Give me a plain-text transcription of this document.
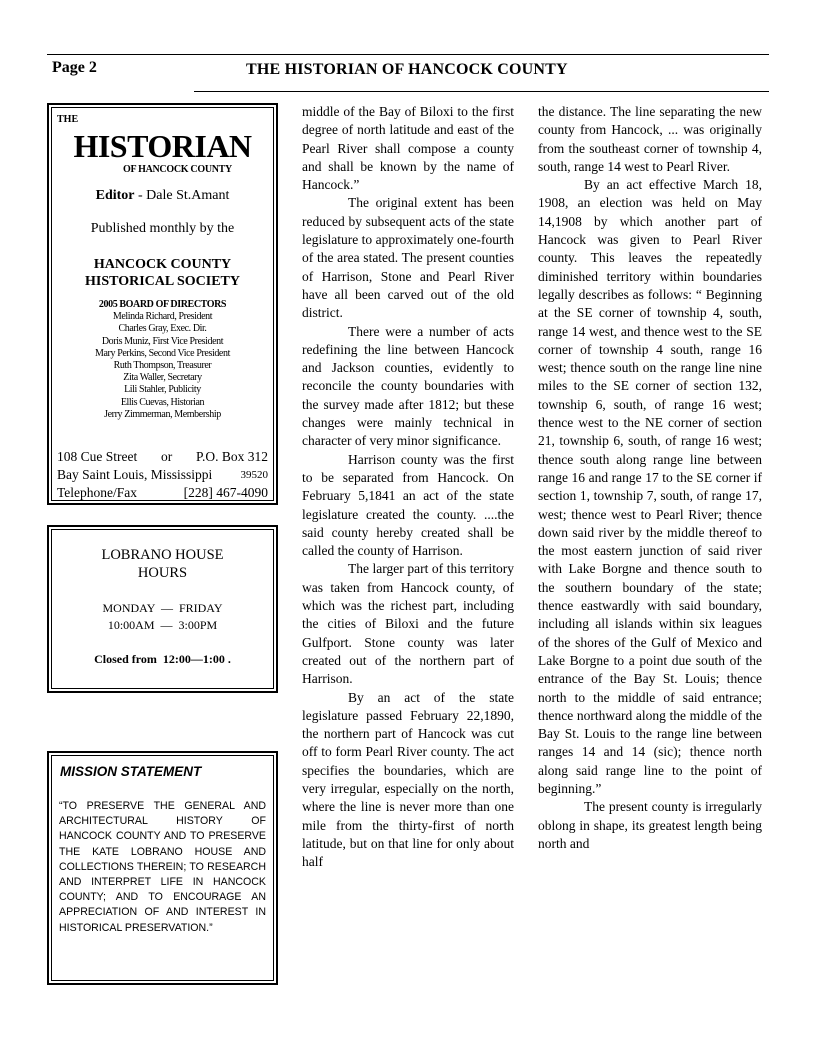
Page 2	THE HISTORIAN OF HANCOCK COUNTY
THE
HISTORIAN
OF HANCOCK COUNTY
Editor - Dale St.Amant
Published monthly by the
HANCOCK COUNTY
HISTORICAL SOCIETY
2005 BOARD OF DIRECTORS
Melinda Richard, President
Charles Gray, Exec. Dir.
Doris Muniz, First Vice President
Mary Perkins, Second Vice President
Ruth Thompson, Treasurer
Zita Waller, Secretary
Lili Stahler, Publicity
Ellis Cuevas, Historian
Jerry Zimmerman, Membership
108 Cue Street or P.O. Box 312
Bay Saint Louis, Mississippi	39520
Telephone/Fax	[228] 467-4090
LOBRANO HOUSE
HOURS
MONDAY  —  FRIDAY
10:00AM  —  3:00PM
Closed from  12:00—1:00 .
MISSION STATEMENT
“TO PRESERVE THE GENERAL AND ARCHITECTURAL HISTORY OF HANCOCK COUNTY AND TO PRESERVE THE KATE LOBRANO HOUSE AND COLLECTIONS THEREIN; TO RESEARCH AND INTERPRET LIFE IN HANCOCK COUNTY; AND TO ENCOURAGE AN APPRECIATION OF AND INTEREST IN HISTORICAL PRESERVATION.”

middle of the Bay of Biloxi to the first degree of north latitude and east of the Pearl River shall compose a county and shall be known by the name of Hancock.”

The original extent has been reduced by subsequent acts of the state legislature to approximately one-fourth of the area stated. The present counties of Harrison, Stone and Pearl River have all been carved out of the old district.

There were a number of acts redefining the line between Hancock and Jackson counties, evidently to reconcile the county boundaries with the survey made after 1812; but these changes were mainly technical in character of very minor significance.

Harrison county was the first to be separated from Hancock. On February 5,1841 an act of the state legislature created the county. ....the said county hereby created shall be called the county of Harrison.

The larger part of this territory was taken from Hancock county, of which was the richest part, including the cities of Biloxi and the future Gulfport. Stone county was later created out of the northern part of Harrison.

By an act of the state legislature passed February 22,1890, the northern part of Hancock was cut off to form Pearl River county. The act specifies the boundaries, which are very irregular, especially on the north, where the line is never more than one mile from the thirty-first of north latitude, but on that line for only about half

the distance. The line separating the new county from Hancock, ... was originally from the southeast corner of township 4, south, range 14 west to Pearl River.

By an act effective March 18, 1908, an election was held on May 14,1908 by which another part of Hancock was given to Pearl River county. This leaves the repeatedly diminished territory within boundaries legally describes as follows: “ Beginning at the SE corner of township 4, south, range 14 west, and thence west to the SE corner of township 4 south, range 16 west; thence south on the range line nine miles to the SE corner of section 132, township 6, south, of range 16 west; thence west to the NE corner of section 21, township 6, south, of range 16 west; thence south along range line between range 16 and range 17 to the SE corner if section 1, township 7, south, of range 17, west; thence west to Pearl River; thence down said river by the middle thereof to the most eastern junction of said river with Lake Borgne and thence south to the southern boundary of the state; thence eastwardly with said boundary, including all islands within six leagues of the shores of the Gulf of Mexico and Lake Borgne to a point due south of the entrance of the Bay St. Louis; thence north to the middle of said entrance; thence northward along the middle of the Bay St. Louis to the range line between ranges 14 and 14 (sic); thence north along said range line to the point of beginning.”

The present county is irregularly oblong in shape, its greatest length being north and
